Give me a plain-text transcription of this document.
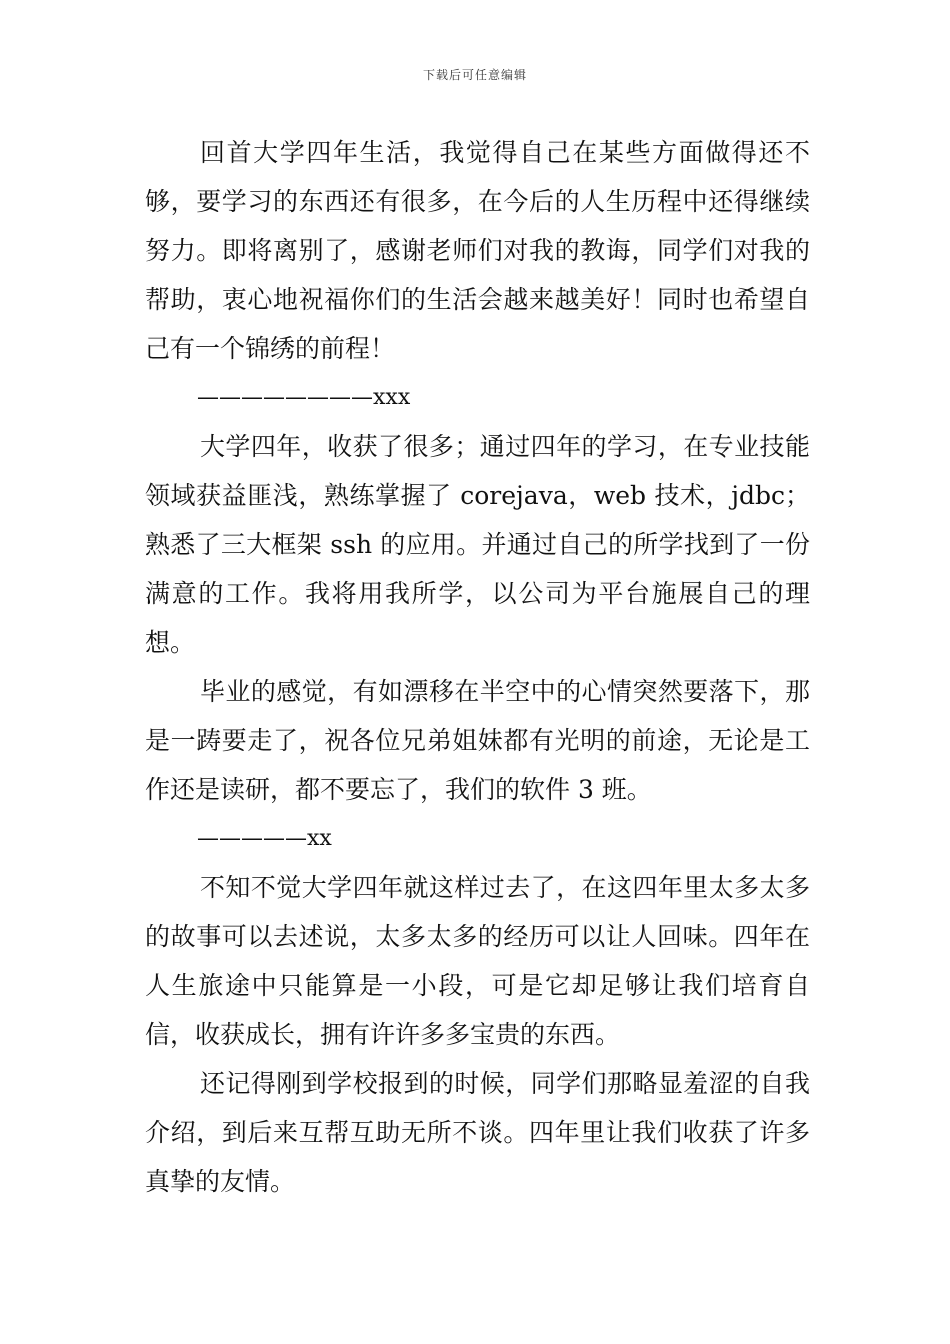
下载后可任意编辑

回首大学四年生活，我觉得自己在某些方面做得还不够，要学习的东西还有很多，在今后的人生历程中还得继续努力。即将离别了，感谢老师们对我的教诲，同学们对我的帮助，衷心地祝福你们的生活会越来越美好！同时也希望自己有一个锦绣的前程！

————————xxx

大学四年，收获了很多；通过四年的学习，在专业技能领域获益匪浅，熟练掌握了 corejava，web 技术，jdbc；熟悉了三大框架 ssh 的应用。并通过自己的所学找到了一份满意的工作。我将用我所学，以公司为平台施展自己的理想。

毕业的感觉，有如漂移在半空中的心情突然要落下，那是一踌要走了，祝各位兄弟姐妹都有光明的前途，无论是工作还是读研，都不要忘了，我们的软件 3 班。

—————xx

不知不觉大学四年就这样过去了，在这四年里太多太多的故事可以去述说，太多太多的经历可以让人回味。四年在人生旅途中只能算是一小段，可是它却足够让我们培育自信，收获成长，拥有许许多多宝贵的东西。

还记得刚到学校报到的时候，同学们那略显羞涩的自我介绍，到后来互帮互助无所不谈。四年里让我们收获了许多真挚的友情。
